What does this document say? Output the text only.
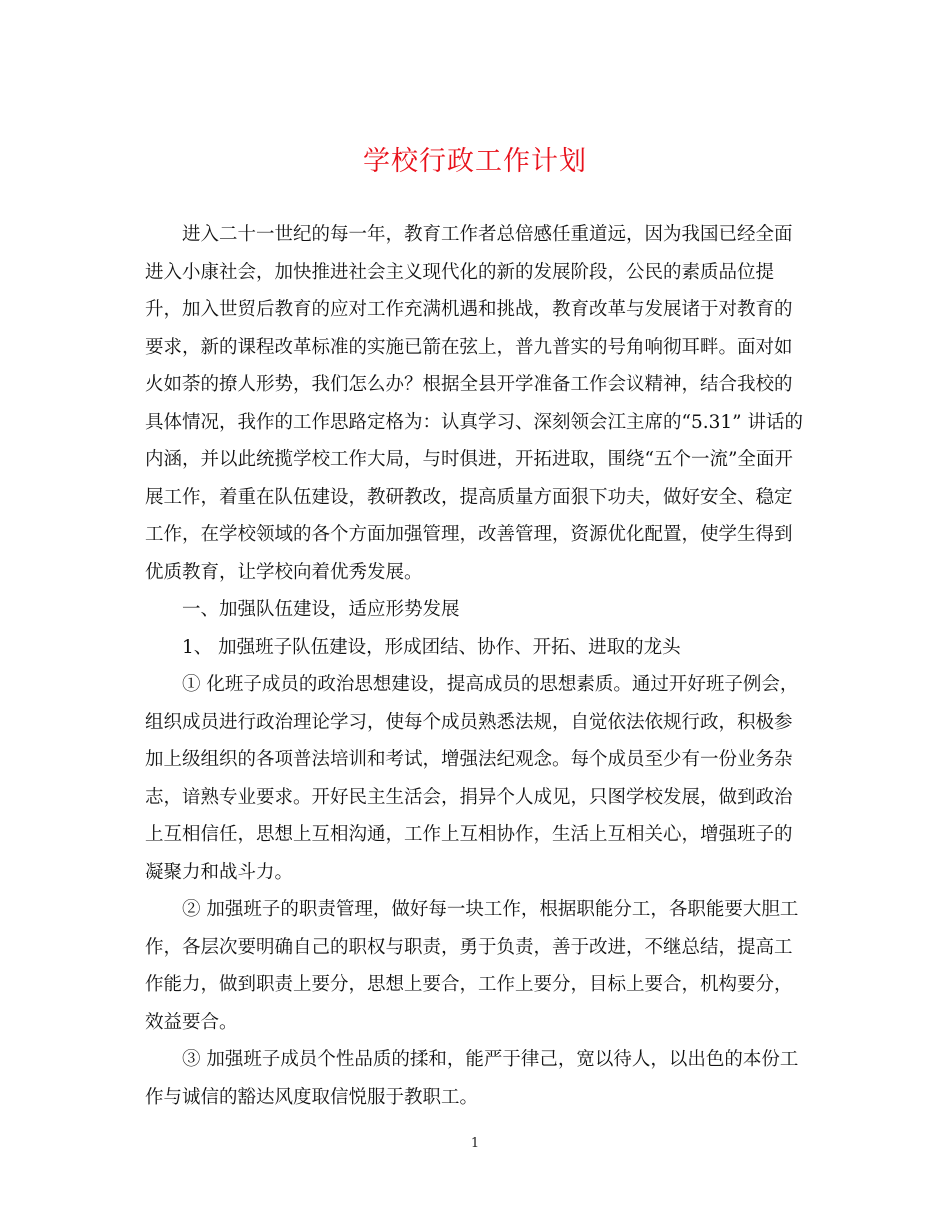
学校行政工作计划
进入二十一世纪的每一年，教育工作者总倍感任重道远，因为我国已经全面
进入小康社会，加快推进社会主义现代化的新的发展阶段，公民的素质品位提
升，加入世贸后教育的应对工作充满机遇和挑战，教育改革与发展诸于对教育的
要求，新的课程改革标准的实施已箭在弦上，普九普实的号角响彻耳畔。面对如
火如荼的撩人形势，我们怎么办？根据全县开学准备工作会议精神，结合我校的
具体情况，我作的工作思路定格为：认真学习、深刻领会江主席的“5.31” 讲话的
内涵，并以此统揽学校工作大局，与时俱进，开拓进取，围绕“五个一流”全面开
展工作，着重在队伍建设，教研教改，提高质量方面狠下功夫，做好安全、稳定
工作，在学校领域的各个方面加强管理，改善管理，资源优化配置，使学生得到
优质教育，让学校向着优秀发展。
一、加强队伍建设，适应形势发展
1、 加强班子队伍建设，形成团结、协作、开拓、进取的龙头
① 化班子成员的政治思想建设，提高成员的思想素质。通过开好班子例会，
组织成员进行政治理论学习，使每个成员熟悉法规，自觉依法依规行政，积极参
加上级组织的各项普法培训和考试，增强法纪观念。每个成员至少有一份业务杂
志，谙熟专业要求。开好民主生活会，捐异个人成见，只图学校发展，做到政治
上互相信任，思想上互相沟通，工作上互相协作，生活上互相关心，增强班子的
凝聚力和战斗力。
② 加强班子的职责管理，做好每一块工作，根据职能分工，各职能要大胆工
作，各层次要明确自己的职权与职责，勇于负责，善于改进，不继总结，提高工
作能力，做到职责上要分，思想上要合，工作上要分，目标上要合，机构要分，
效益要合。
③ 加强班子成员个性品质的揉和，能严于律己，宽以待人，以出色的本份工
作与诚信的豁达风度取信悦服于教职工。
1
